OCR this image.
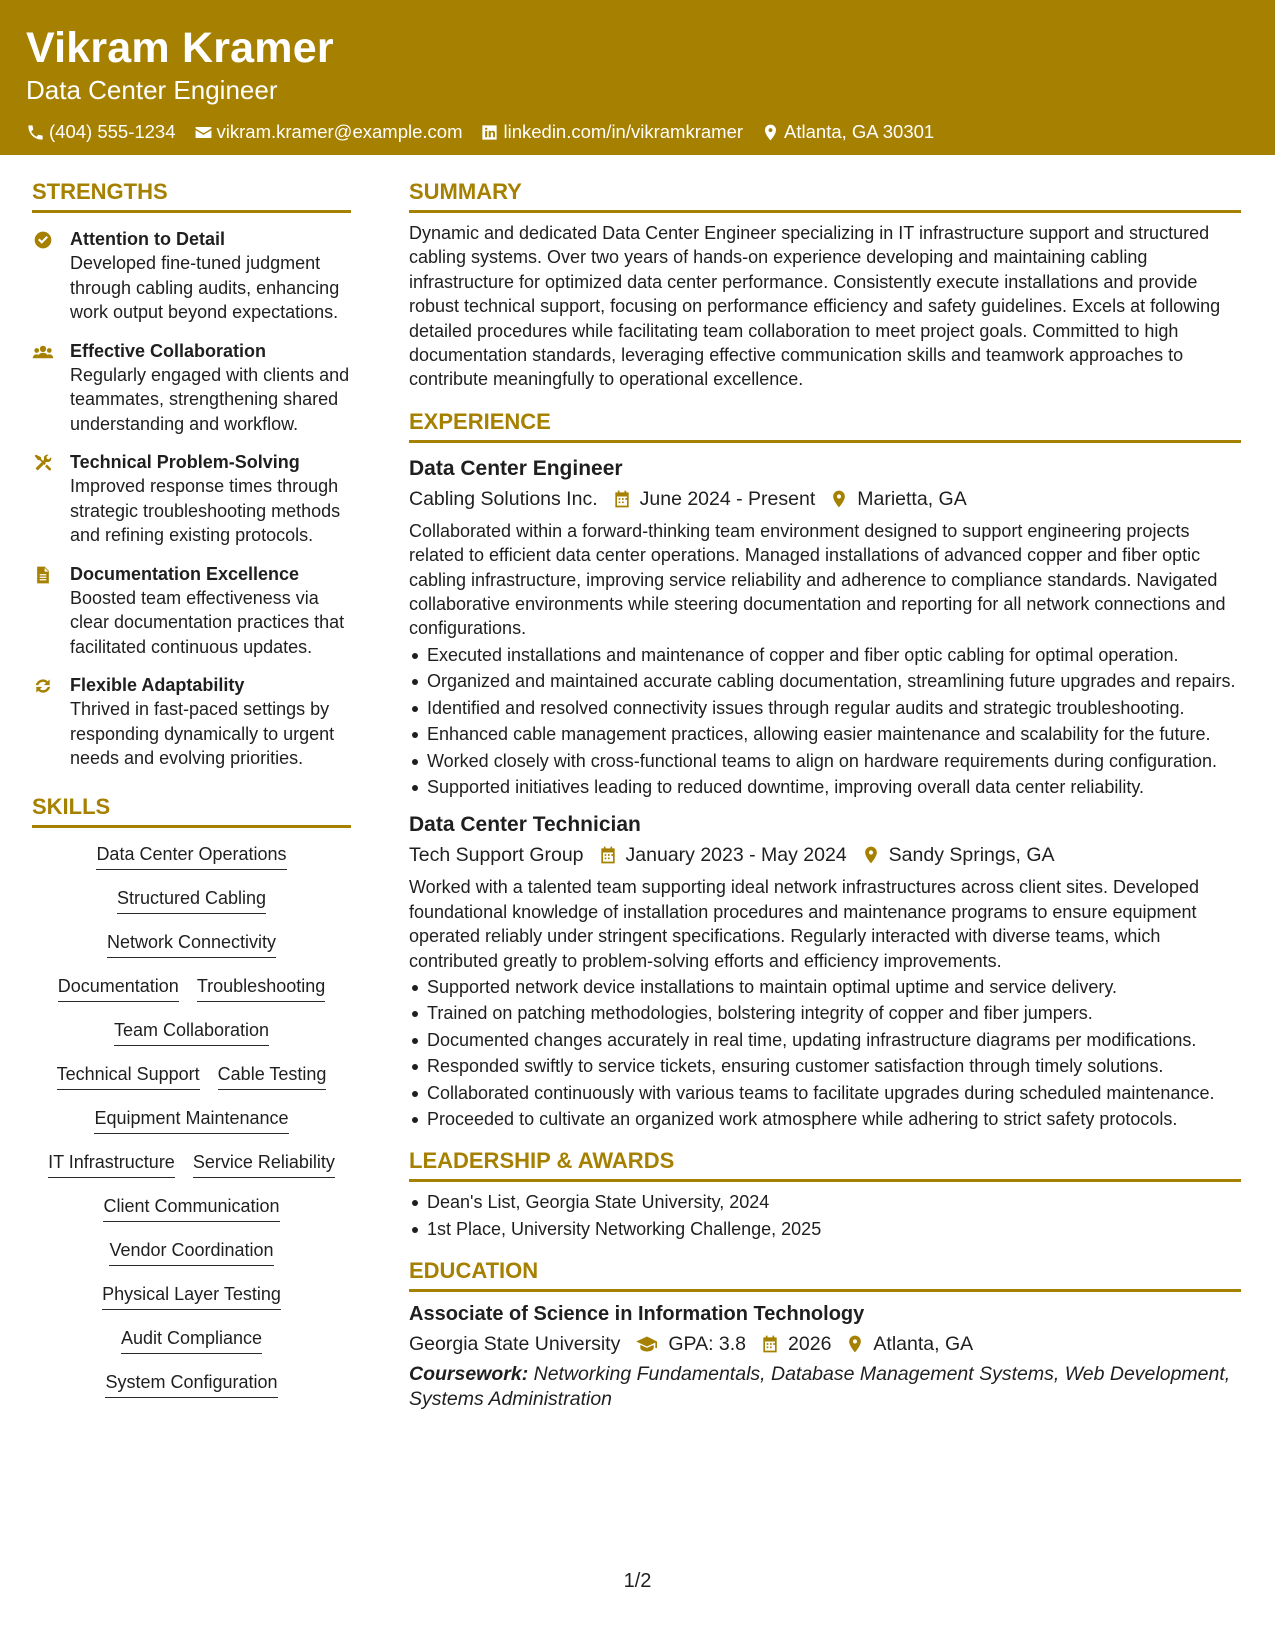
Vikram Kramer
Data Center Engineer
(404) 555-1234 vikram.kramer@example.com linkedin.com/in/vikramkramer Atlanta, GA 30301
STRENGTHS
Attention to Detail
Developed fine-tuned judgment through cabling audits, enhancing work output beyond expectations.
Effective Collaboration
Regularly engaged with clients and teammates, strengthening shared understanding and workflow.
Technical Problem-Solving
Improved response times through strategic troubleshooting methods and refining existing protocols.
Documentation Excellence
Boosted team effectiveness via clear documentation practices that facilitated continuous updates.
Flexible Adaptability
Thrived in fast-paced settings by responding dynamically to urgent needs and evolving priorities.
SKILLS
Data Center Operations
Structured Cabling
Network Connectivity
Documentation Troubleshooting
Team Collaboration
Technical Support Cable Testing
Equipment Maintenance
IT Infrastructure Service Reliability
Client Communication
Vendor Coordination
Physical Layer Testing
Audit Compliance
System Configuration
SUMMARY
Dynamic and dedicated Data Center Engineer specializing in IT infrastructure support and structured cabling systems. Over two years of hands-on experience developing and maintaining cabling infrastructure for optimized data center performance. Consistently execute installations and provide robust technical support, focusing on performance efficiency and safety guidelines. Excels at following detailed procedures while facilitating team collaboration to meet project goals. Committed to high documentation standards, leveraging effective communication skills and teamwork approaches to contribute meaningfully to operational excellence.
EXPERIENCE
Data Center Engineer
Cabling Solutions Inc. June 2024 - Present Marietta, GA
Collaborated within a forward-thinking team environment designed to support engineering projects related to efficient data center operations. Managed installations of advanced copper and fiber optic cabling infrastructure, improving service reliability and adherence to compliance standards. Navigated collaborative environments while steering documentation and reporting for all network connections and configurations.
Executed installations and maintenance of copper and fiber optic cabling for optimal operation.
Organized and maintained accurate cabling documentation, streamlining future upgrades and repairs.
Identified and resolved connectivity issues through regular audits and strategic troubleshooting.
Enhanced cable management practices, allowing easier maintenance and scalability for the future.
Worked closely with cross-functional teams to align on hardware requirements during configuration.
Supported initiatives leading to reduced downtime, improving overall data center reliability.
Data Center Technician
Tech Support Group January 2023 - May 2024 Sandy Springs, GA
Worked with a talented team supporting ideal network infrastructures across client sites. Developed foundational knowledge of installation procedures and maintenance programs to ensure equipment operated reliably under stringent specifications. Regularly interacted with diverse teams, which contributed greatly to problem-solving efforts and efficiency improvements.
Supported network device installations to maintain optimal uptime and service delivery.
Trained on patching methodologies, bolstering integrity of copper and fiber jumpers.
Documented changes accurately in real time, updating infrastructure diagrams per modifications.
Responded swiftly to service tickets, ensuring customer satisfaction through timely solutions.
Collaborated continuously with various teams to facilitate upgrades during scheduled maintenance.
Proceeded to cultivate an organized work atmosphere while adhering to strict safety protocols.
LEADERSHIP & AWARDS
Dean's List, Georgia State University, 2024
1st Place, University Networking Challenge, 2025
EDUCATION
Associate of Science in Information Technology
Georgia State University GPA: 3.8 2026 Atlanta, GA
Coursework: Networking Fundamentals, Database Management Systems, Web Development, Systems Administration
1/2
